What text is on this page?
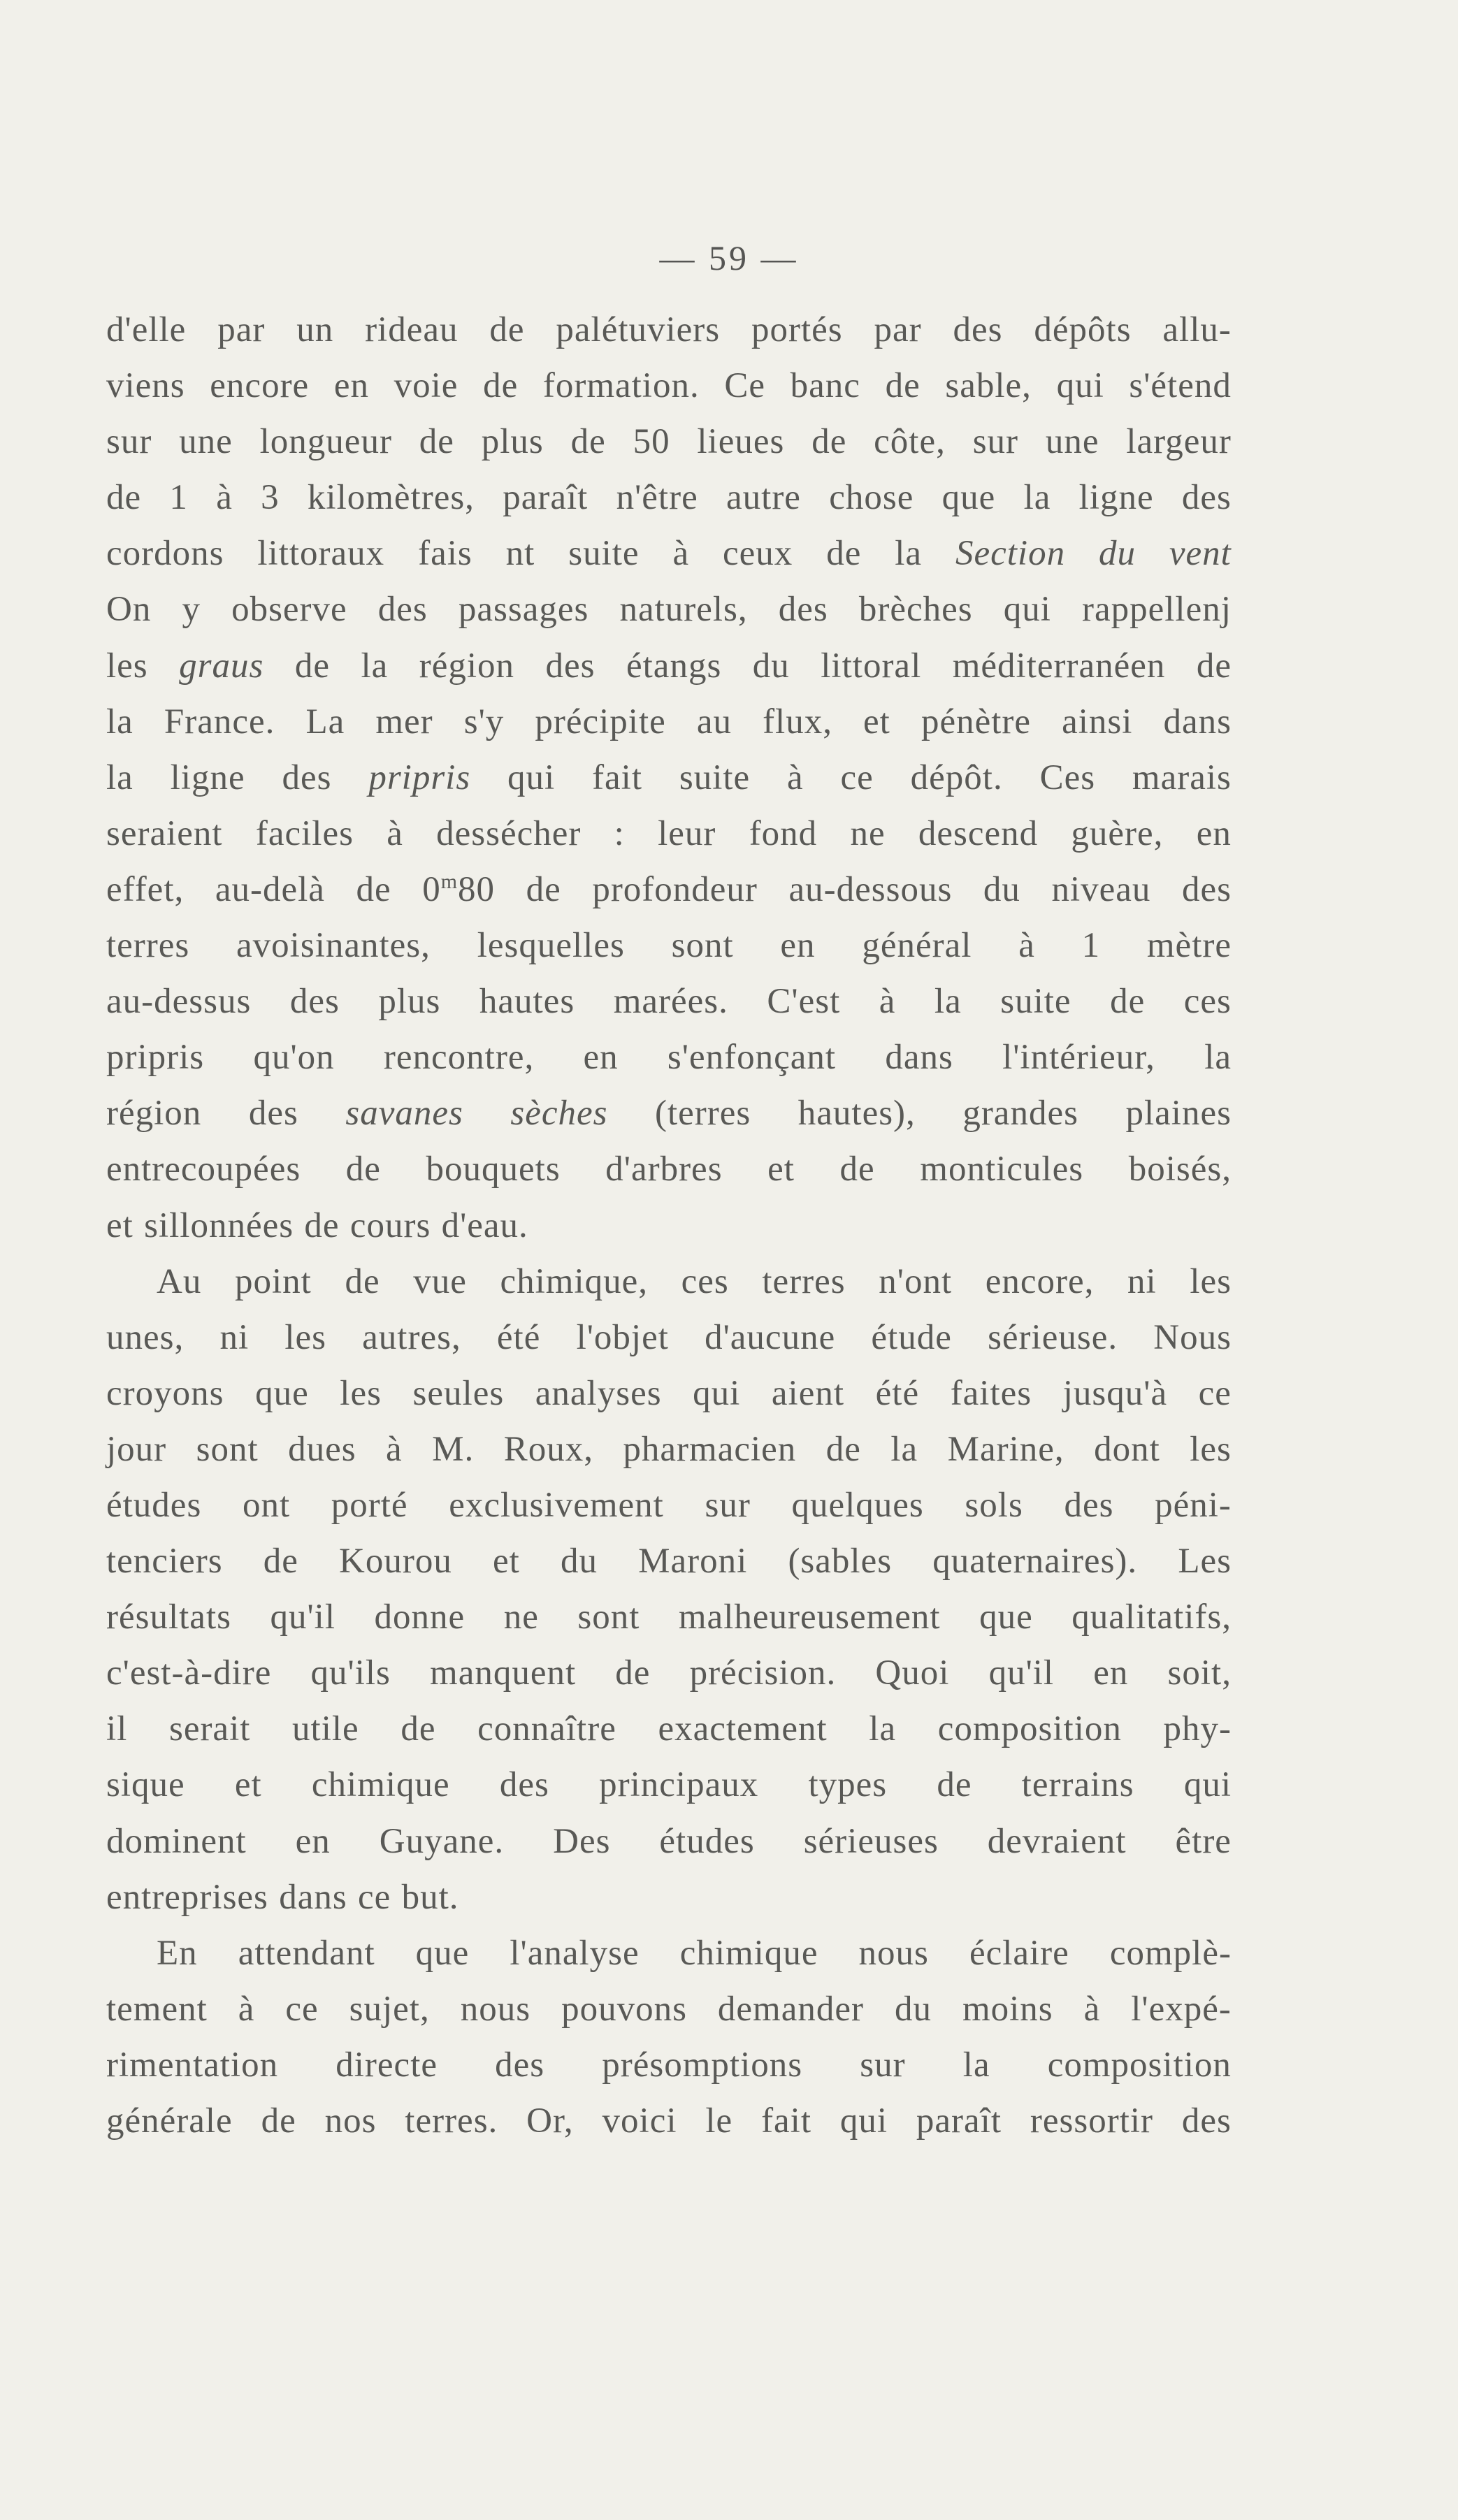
— 59 —
d'elle par un rideau de palétuviers portés par des dépôts allu-
viens encore en voie de formation. Ce banc de sable, qui s'étend
sur une longueur de plus de 50 lieues de côte, sur une largeur
de 1 à 3 kilomètres, paraît n'être autre chose que la ligne des
cordons littoraux fais nt suite à ceux de la Section du vent
On y observe des passages naturels, des brèches qui rappellenj
les graus de la région des étangs du littoral méditerranéen de
la France. La mer s'y précipite au flux, et pénètre ainsi dans
la ligne des pripris qui fait suite à ce dépôt. Ces marais
seraient faciles à dessécher : leur fond ne descend guère, en
effet, au-delà de 0$^m$80 de profondeur au-dessous du niveau des
terres avoisinantes, lesquelles sont en général à 1 mètre
au-dessus des plus hautes marées. C'est à la suite de ces
pripris qu'on rencontre, en s'enfonçant dans l'intérieur, la
région des savanes sèches (terres hautes), grandes plaines
entrecoupées de bouquets d'arbres et de monticules boisés,
et sillonnées de cours d'eau.
Au point de vue chimique, ces terres n'ont encore, ni les
unes, ni les autres, été l'objet d'aucune étude sérieuse. Nous
croyons que les seules analyses qui aient été faites jusqu'à ce
jour sont dues à M. Roux, pharmacien de la Marine, dont les
études ont porté exclusivement sur quelques sols des péni-
tenciers de Kourou et du Maroni (sables quaternaires). Les
résultats qu'il donne ne sont malheureusement que qualitatifs,
c'est-à-dire qu'ils manquent de précision. Quoi qu'il en soit,
il serait utile de connaître exactement la composition phy-
sique et chimique des principaux types de terrains qui
dominent en Guyane. Des études sérieuses devraient être
entreprises dans ce but.
En attendant que l'analyse chimique nous éclaire complè-
tement à ce sujet, nous pouvons demander du moins à l'expé-
rimentation directe des présomptions sur la composition
générale de nos terres. Or, voici le fait qui paraît ressortir des
